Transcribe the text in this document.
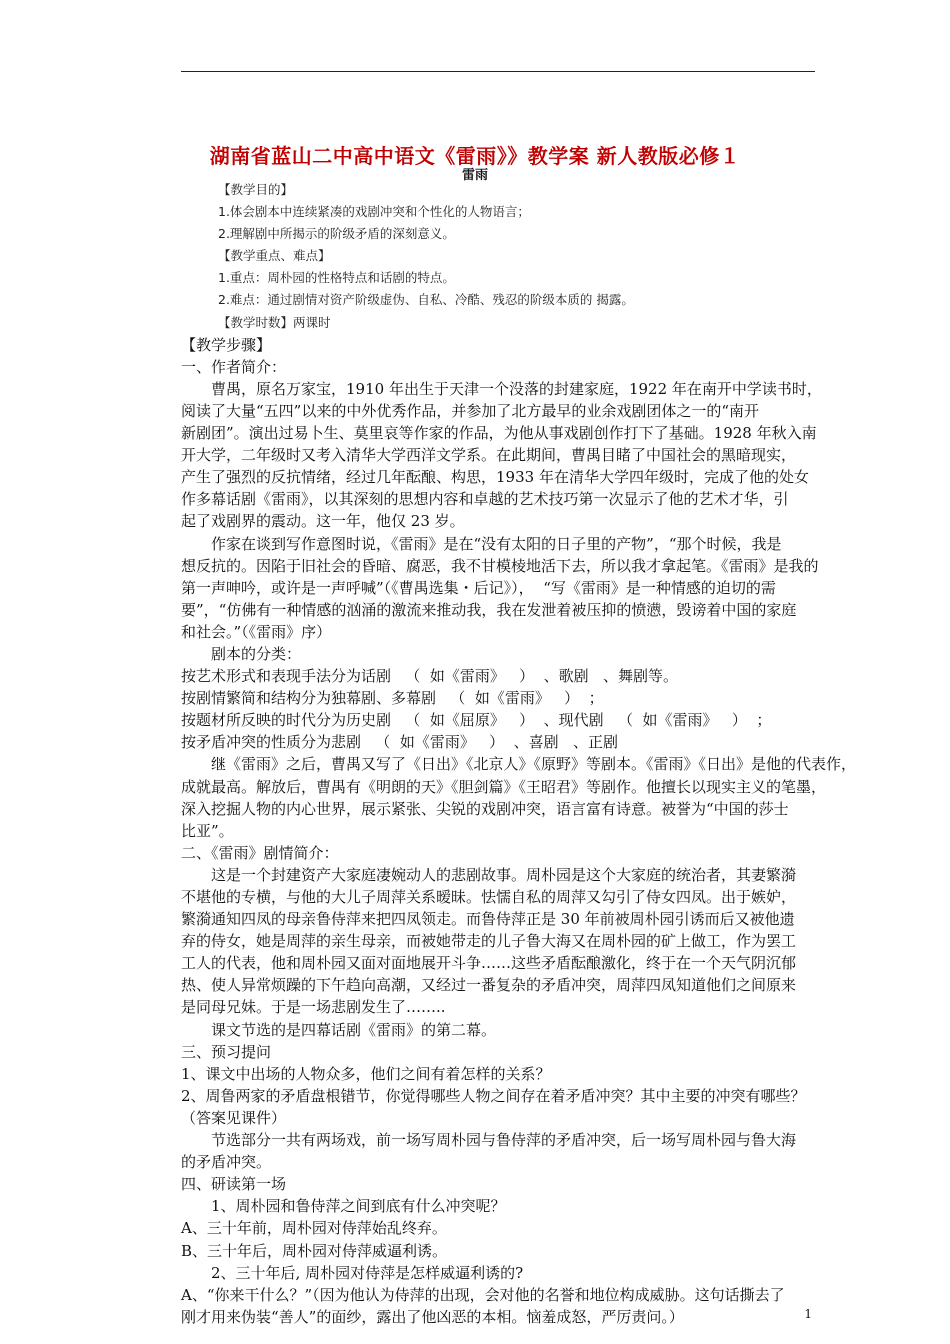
湖南省蓝山二中高中语文《雷雨》》教学案 新人教版必修１
雷雨

【教学目的】

1.体会剧本中连续紧凑的戏剧冲突和个性化的人物语言；

2.理解剧中所揭示的阶级矛盾的深刻意义。

【教学重点、难点】

1.重点：周朴园的性格特点和话剧的特点。

2.难点：通过剧情对资产阶级虚伪、自私、冷酷、残忍的阶级本质的 揭露。

【教学时数】两课时

【教学步骤】

一、作者简介：

曹禺，原名万家宝，1910 年出生于天津一个没落的封建家庭，1922 年在南开中学读书时，

阅读了大量“五四”以来的中外优秀作品，并参加了北方最早的业余戏剧团体之一的“南开

新剧团”。演出过易卜生、莫里哀等作家的作品，为他从事戏剧创作打下了基础。1928 年秋入南

开大学，二年级时又考入清华大学西洋文学系。在此期间，曹禺目睹了中国社会的黑暗现实，

产生了强烈的反抗情绪，经过几年酝酿、构思，1933 年在清华大学四年级时，完成了他的处女

作多幕话剧《雷雨》，以其深刻的思想内容和卓越的艺术技巧第一次显示了他的艺术才华，引

起了戏剧界的震动。这一年，他仅 23 岁。

作家在谈到写作意图时说，《雷雨》是在“没有太阳的日子里的产物”，“那个时候，我是

想反抗的。因陷于旧社会的昏暗、腐恶，我不甘模棱地活下去，所以我才拿起笔。《雷雨》是我的

第一声呻吟，或许是一声呼喊”（《曹禺选集・后记》），  “写《雷雨》是一种情感的迫切的需

要”，“仿佛有一种情感的汹涌的激流来推动我，我在发泄着被压抑的愤懑，毁谤着中国的家庭

和社会。”（《雷雨》序）

剧本的分类：

按艺术形式和表现手法分为话剧   （  如《雷雨》   ）  、歌剧   、舞剧等。

按剧情繁简和结构分为独幕剧、多幕剧   （  如《雷雨》   ）  ；

按题材所反映的时代分为历史剧   （  如《屈原》   ）  、现代剧   （  如《雷雨》   ）  ；

按矛盾冲突的性质分为悲剧   （  如《雷雨》   ）  、喜剧   、正剧

继《雷雨》之后，曹禺又写了《日出》《北京人》《原野》等剧本。《雷雨》《日出》是他的代表作，

成就最高。解放后，曹禺有《明朗的天》《胆剑篇》《王昭君》等剧作。他擅长以现实主义的笔墨，

深入挖掘人物的内心世界，展示紧张、尖锐的戏剧冲突，语言富有诗意。被誉为“中国的莎士

比亚”。

二、《雷雨》剧情简介：

这是一个封建资产大家庭凄婉动人的悲剧故事。周朴园是这个大家庭的统治者，其妻繁漪

不堪他的专横，与他的大儿子周萍关系暧昧。怯懦自私的周萍又勾引了侍女四凤。出于嫉妒，

繁漪通知四凤的母亲鲁侍萍来把四凤领走。而鲁侍萍正是 30 年前被周朴园引诱而后又被他遗

弃的侍女，她是周萍的亲生母亲，而被她带走的儿子鲁大海又在周朴园的矿上做工，作为罢工

工人的代表，他和周朴园又面对面地展开斗争……这些矛盾酝酿激化，终于在一个天气阴沉郁

热、使人异常烦躁的下午趋向高潮，又经过一番复杂的矛盾冲突，周萍四凤知道他们之间原来

是同母兄妹。于是一场悲剧发生了……..

课文节选的是四幕话剧《雷雨》的第二幕。

三、预习提问

1、课文中出场的人物众多，他们之间有着怎样的关系？

2、周鲁两家的矛盾盘根错节，你觉得哪些人物之间存在着矛盾冲突？其中主要的冲突有哪些？

（答案见课件）

节选部分一共有两场戏，前一场写周朴园与鲁侍萍的矛盾冲突，后一场写周朴园与鲁大海

的矛盾冲突。

四、研读第一场

1、周朴园和鲁侍萍之间到底有什么冲突呢？

A、三十年前，周朴园对侍萍始乱终弃。

B、三十年后，周朴园对侍萍威逼利诱。

2、三十年后, 周朴园对侍萍是怎样威逼利诱的?

A、“你来干什么？”（因为他认为侍萍的出现，会对他的名誉和地位构成威胁。这句话撕去了

刚才用来伪装“善人”的面纱，露出了他凶恶的本相。恼羞成怒，严厉责问。）	1
